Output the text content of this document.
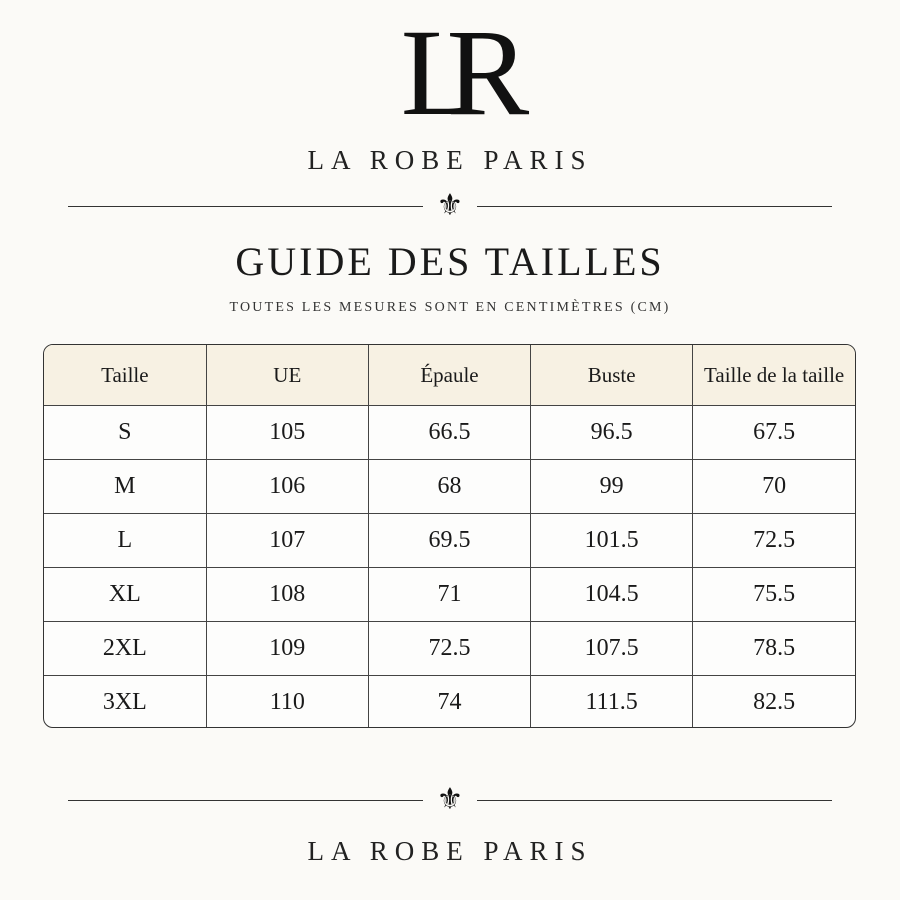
LR
LA ROBE PARIS
⚜
GUIDE DES TAILLES
TOUTES LES MESURES SONT EN CENTIMÈTRES (CM)
Taille	UE	Épaule	Buste	Taille de la taille
S	105	66.5	96.5	67.5
M	106	68	99	70
L	107	69.5	101.5	72.5
XL	108	71	104.5	75.5
2XL	109	72.5	107.5	78.5
3XL	110	74	111.5	82.5
⚜
LA ROBE PARIS
